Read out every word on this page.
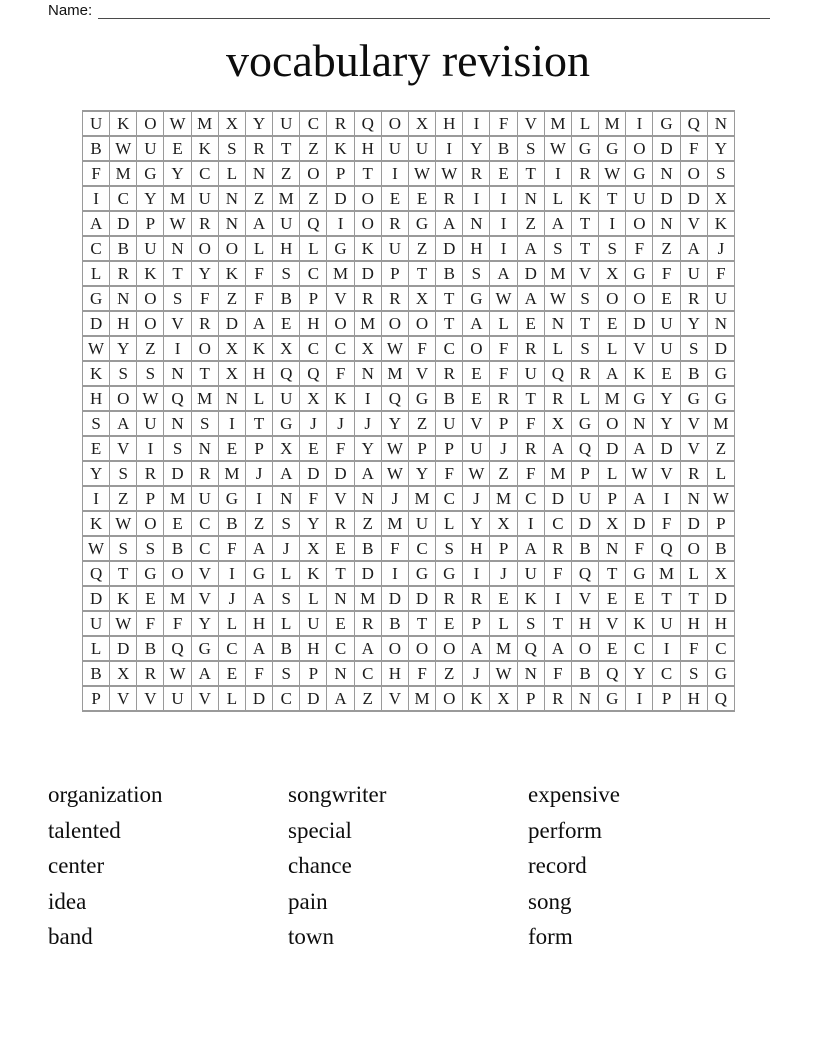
Name:
vocabulary revision
U K O W M X Y U C R Q O X H	I	F V M L M I	G Q N
B W U E K S R T Z K H U U	I	Y B S W G G O D F Y
F M G Y C L N Z O P	T	I W W R E T	I	R W G N O S
I	C Y M U N Z M Z D O E E R	I	I	N L K T U D D X
A D P W R N A U Q	I	O R G A N	I	Z A T	I	O N V K
C B U N O O L H L G K U Z D H	I	A S	T	S	F	Z A	J
L R K T Y K F	S C M D P	T B S A D M V X G F U F
G N O S	F	Z	F B P V R R X T G W A W S O O E R U
D H O V R D A E H O M O O T A L E N T E D U Y N
W Y Z	I	O X K X C C X W F C O F R L	S	L V U S D
K S	S N T X H Q Q F N M V R E	F U Q R A K E B G
H O W Q M N L U X K	I	Q G B E R T R L M G Y G G
S A U N S	I	T G	J	J	J	Y Z U V P	F X G O N Y V M
E V	I	S N E	P X E	F Y W P	P U	J	R A Q D A D V Z
Y S R D R M J	A D D A W Y F W Z	F M P	L W V R L
I	Z	P M U G	I	N F V N	J M C	J M C D U P A	I	N W
K W O E C B Z	S Y R Z M U L Y X	I	C D X D F D P
W S	S B C F A	J	X E B F C S H P A R B N F Q O B
Q T G O V	I	G L K T D	I	G G	I	J	U F Q T G M L X
D K E M V	J	A S	L N M D D R R E K	I	V E E T T D
U W F	F Y L H L U E R B T E	P	L	S	T H V K U H H
L D B Q G C A B H C A O O O A M Q A O E C	I	F C
B X R W A E	F	S	P N C H F	Z	J W N F B Q Y C S G
P V V U V L D C D A Z V M O K X P R N G	I	P H Q
organization
talented
center
idea
band
songwriter
special
chance
pain
town
expensive
perform
record
song
form
